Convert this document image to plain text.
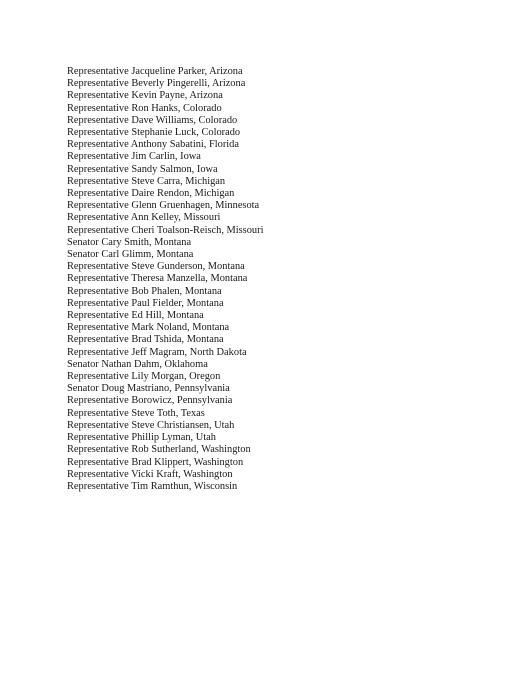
Representative Jacqueline Parker, Arizona
Representative Beverly Pingerelli, Arizona
Representative Kevin Payne, Arizona
Representative Ron Hanks, Colorado
Representative Dave Williams, Colorado
Representative Stephanie Luck, Colorado
Representative Anthony Sabatini, Florida
Representative Jim Carlin, Iowa
Representative Sandy Salmon, Iowa
Representative Steve Carra, Michigan
Representative Daire Rendon, Michigan
Representative Glenn Gruenhagen, Minnesota
Representative Ann Kelley, Missouri
Representative Cheri Toalson-Reisch, Missouri
Senator Cary Smith, Montana
Senator Carl Glimm, Montana
Representative Steve Gunderson, Montana
Representative Theresa Manzella, Montana
Representative Bob Phalen, Montana
Representative Paul Fielder, Montana
Representative Ed Hill, Montana
Representative Mark Noland, Montana
Representative Brad Tshida, Montana
Representative Jeff Magram, North Dakota
Senator Nathan Dahm, Oklahoma
Representative Lily Morgan, Oregon
Senator Doug Mastriano, Pennsylvania
Representative Borowicz, Pennsylvania
Representative Steve Toth, Texas
Representative Steve Christiansen, Utah
Representative Phillip Lyman, Utah
Representative Rob Sutherland, Washington
Representative Brad Klippert, Washington
Representative Vicki Kraft, Washington
Representative Tim Ramthun, Wisconsin
